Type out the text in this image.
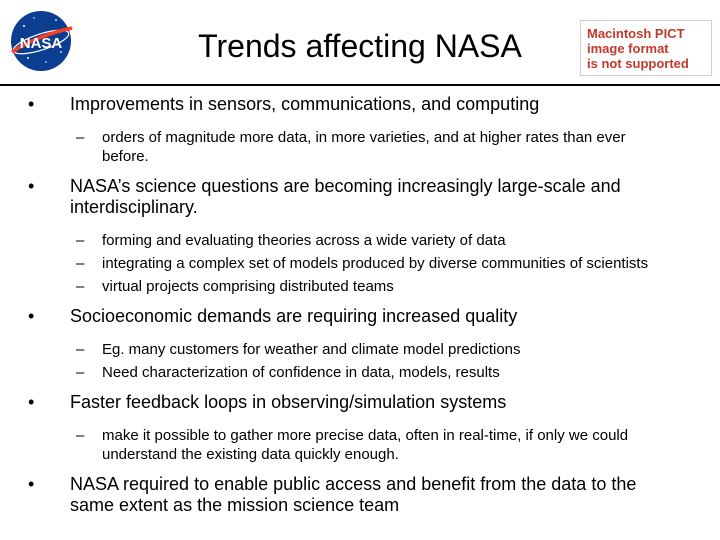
NASA
Macintosh PICT
image format
is not supported
Trends affecting NASA
• Improvements in sensors, communications, and computing
– orders of magnitude more data, in more varieties, and at higher rates than ever before.
• NASA’s science questions are becoming increasingly large-scale and interdisciplinary.
– forming and evaluating theories across a wide variety of data
– integrating a complex set of models produced by diverse communities of scientists
– virtual projects comprising distributed teams
• Socioeconomic demands are requiring increased quality
– Eg. many customers for weather and climate model predictions
– Need characterization of confidence in data, models, results
• Faster feedback loops in observing/simulation systems
– make it possible to gather more precise data, often in real-time, if only we could understand the existing data quickly enough.
• NASA required to enable public access and benefit from the data to the same extent as the mission science team
